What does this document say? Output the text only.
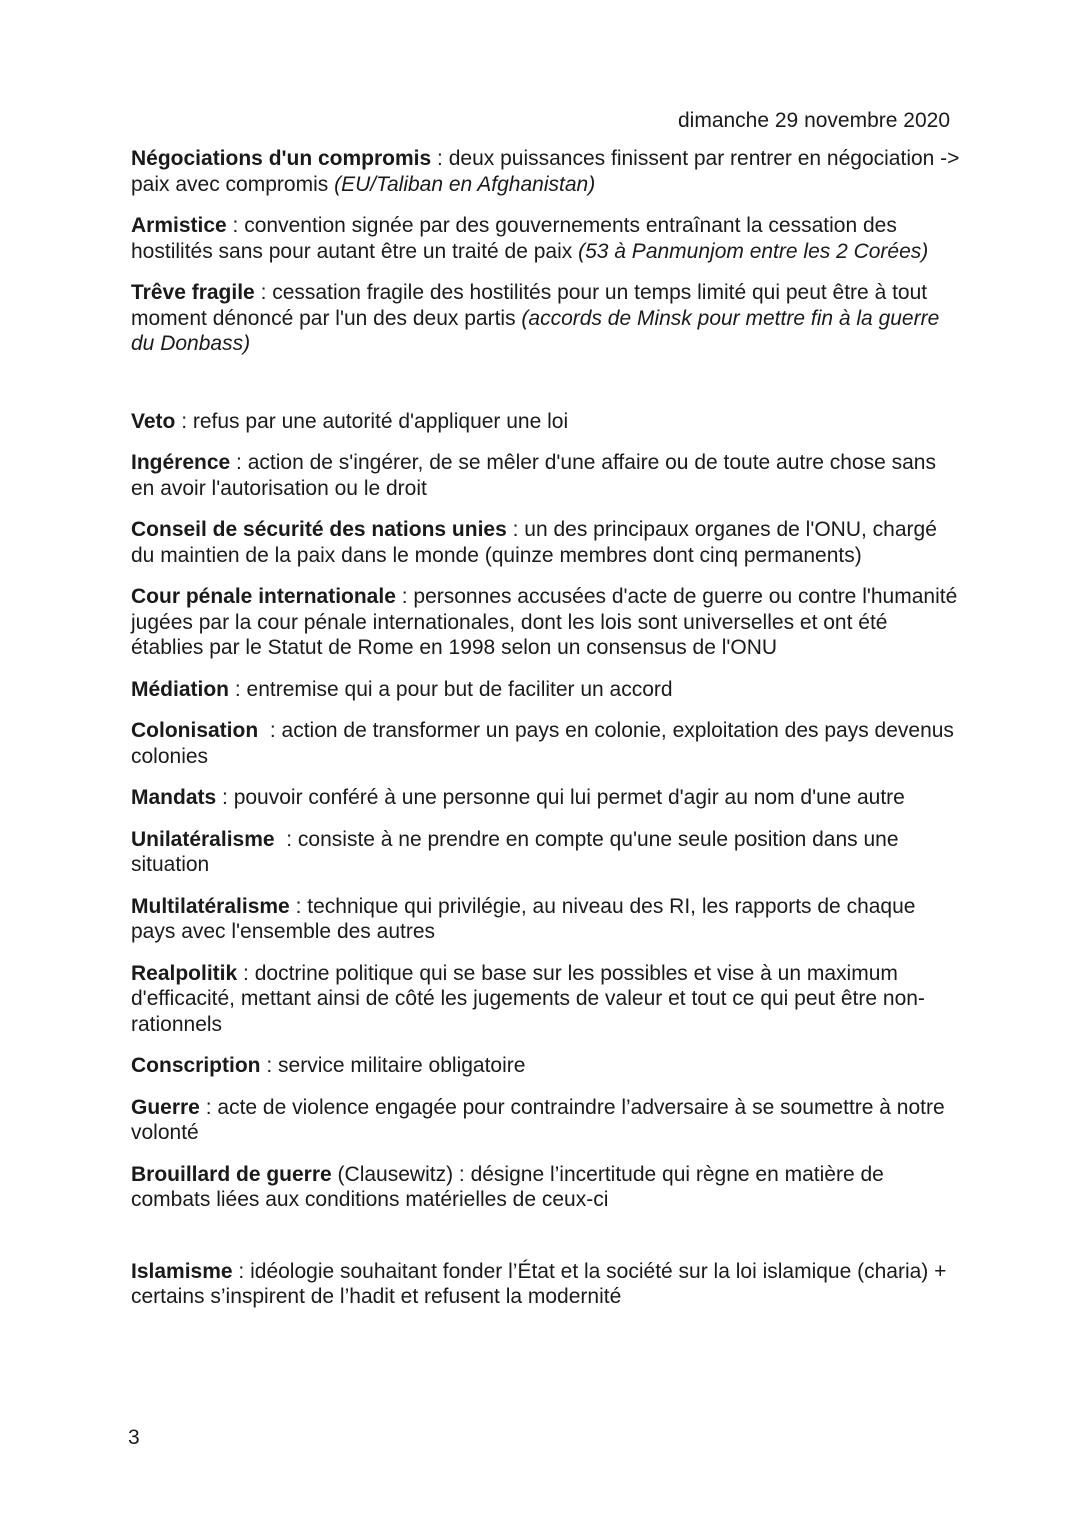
dimanche 29 novembre 2020

Négociations d'un compromis : deux puissances finissent par rentrer en négociation -> paix avec compromis (EU/Taliban en Afghanistan)

Armistice : convention signée par des gouvernements entraînant la cessation des hostilités sans pour autant être un traité de paix (53 à Panmunjom entre les 2 Corées)

Trêve fragile : cessation fragile des hostilités pour un temps limité qui peut être à tout moment dénoncé par l'un des deux partis (accords de Minsk pour mettre fin à la guerre du Donbass)

Veto : refus par une autorité d'appliquer une loi

Ingérence : action de s'ingérer, de se mêler d'une affaire ou de toute autre chose sans en avoir l'autorisation ou le droit

Conseil de sécurité des nations unies : un des principaux organes de l'ONU, chargé du maintien de la paix dans le monde (quinze membres dont cinq permanents)

Cour pénale internationale : personnes accusées d'acte de guerre ou contre l'humanité jugées par la cour pénale internationales, dont les lois sont universelles et ont été établies par le Statut de Rome en 1998 selon un consensus de l'ONU

Médiation : entremise qui a pour but de faciliter un accord

Colonisation  : action de transformer un pays en colonie, exploitation des pays devenus colonies

Mandats : pouvoir conféré à une personne qui lui permet d'agir au nom d'une autre

Unilatéralisme  : consiste à ne prendre en compte qu'une seule position dans une situation

Multilatéralisme : technique qui privilégie, au niveau des RI, les rapports de chaque pays avec l'ensemble des autres

Realpolitik : doctrine politique qui se base sur les possibles et vise à un maximum d'efficacité, mettant ainsi de côté les jugements de valeur et tout ce qui peut être non-rationnels

Conscription : service militaire obligatoire

Guerre : acte de violence engagée pour contraindre l’adversaire à se soumettre à notre volonté

Brouillard de guerre (Clausewitz) : désigne l’incertitude qui règne en matière de combats liées aux conditions matérielles de ceux-ci

Islamisme : idéologie souhaitant fonder l’État et la société sur la loi islamique (charia) + certains s’inspirent de l’hadit et refusent la modernité

3
